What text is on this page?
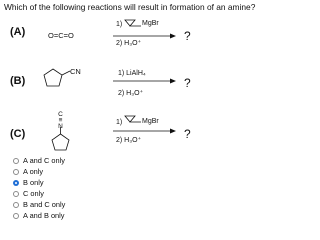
Which of the following reactions will result in formation of an amine?
(A)	O=C=O
1)	MgBr
2) H₃O⁺
?
(B)
CN	1) LiAlH₄
2) H₃O⁺
?
(C)
C≡N
1)	MgBr
2) H₃O⁺	?
A and C only
A only
B only
C only
B and C only
A and B only
